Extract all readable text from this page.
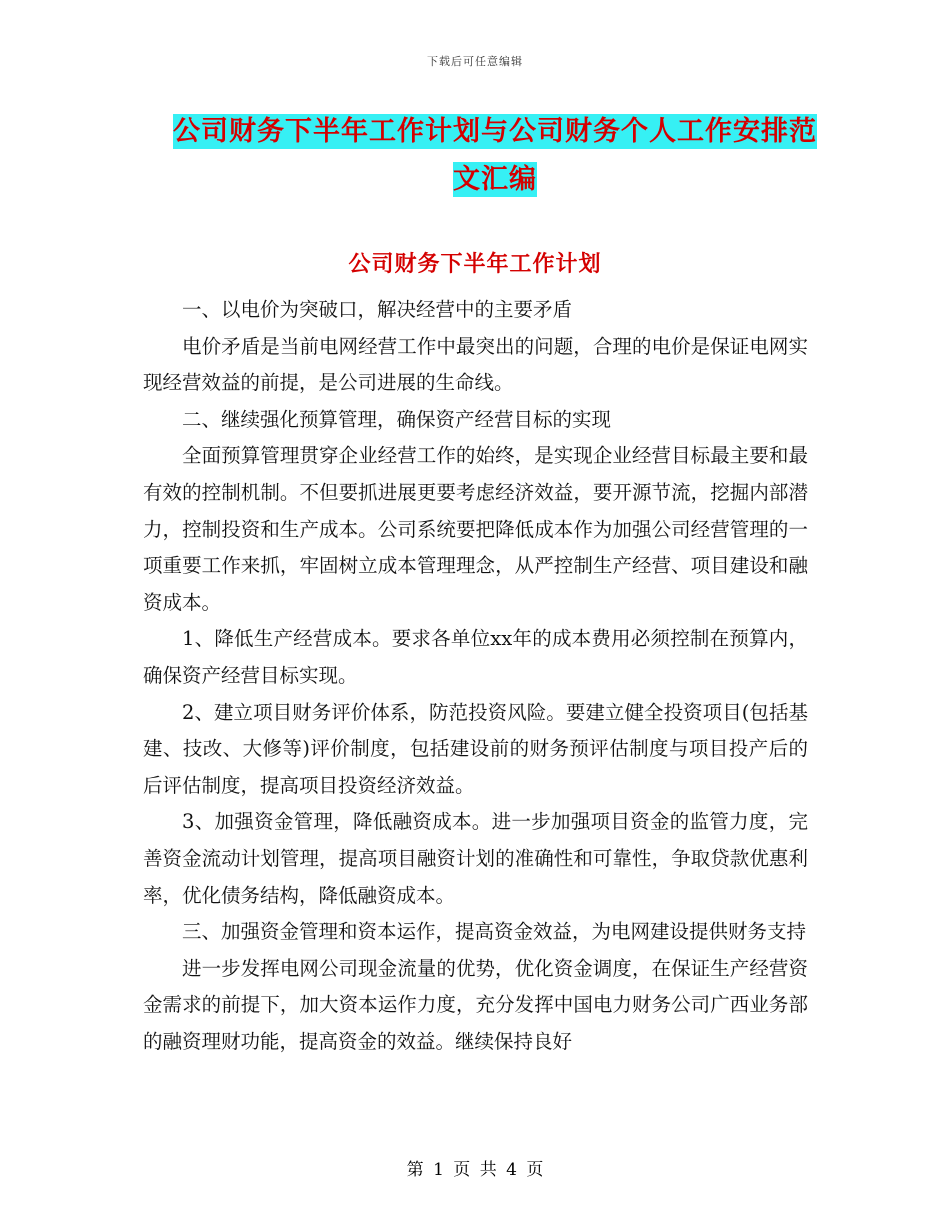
下载后可任意编辑
公司财务下半年工作计划与公司财务个人工作安排范
文汇编
公司财务下半年工作计划

一、以电价为突破口，解决经营中的主要矛盾

电价矛盾是当前电网经营工作中最突出的问题，合理的电价是保证电网实现经营效益的前提，是公司进展的生命线。

二、继续强化预算管理，确保资产经营目标的实现

全面预算管理贯穿企业经营工作的始终，是实现企业经营目标最主要和最有效的控制机制。不但要抓进展更要考虑经济效益，要开源节流，挖掘内部潜力，控制投资和生产成本。公司系统要把降低成本作为加强公司经营管理的一项重要工作来抓，牢固树立成本管理理念，从严控制生产经营、项目建设和融资成本。

1、降低生产经营成本。要求各单位xx年的成本费用必须控制在预算内，确保资产经营目标实现。

2、建立项目财务评价体系，防范投资风险。要建立健全投资项目(包括基建、技改、大修等)评价制度，包括建设前的财务预评估制度与项目投产后的后评估制度，提高项目投资经济效益。

3、加强资金管理，降低融资成本。进一步加强项目资金的监管力度，完善资金流动计划管理，提高项目融资计划的准确性和可靠性，争取贷款优惠利率，优化债务结构，降低融资成本。

三、加强资金管理和资本运作，提高资金效益，为电网建设提供财务支持

进一步发挥电网公司现金流量的优势，优化资金调度，在保证生产经营资金需求的前提下，加大资本运作力度，充分发挥中国电力财务公司广西业务部的融资理财功能，提高资金的效益。继续保持良好

第 1 页 共 4 页
